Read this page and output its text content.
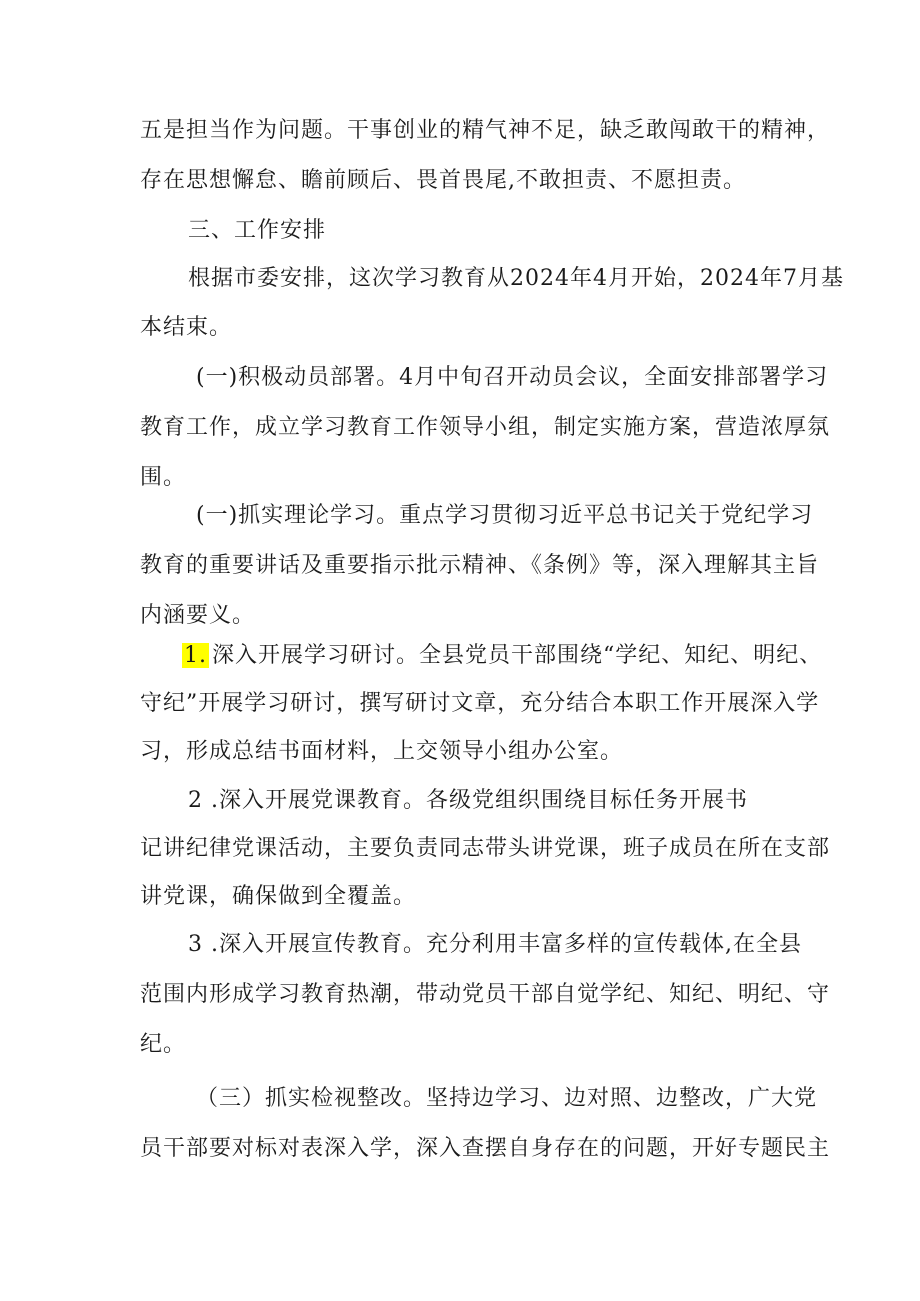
五是担当作为问题。干事创业的精气神不足，缺乏敢闯敢干的精神，
存在思想懈怠、瞻前顾后、畏首畏尾,不敢担责、不愿担责。
三、工作安排
根据市委安排，这次学习教育从2024年4月开始，2024年7月基
本结束。
(一)积极动员部署。4月中旬召开动员会议，全面安排部署学习
教育工作，成立学习教育工作领导小组，制定实施方案，营造浓厚氛
围。
(一)抓实理论学习。重点学习贯彻习近平总书记关于党纪学习
教育的重要讲话及重要指示批示精神、《条例》等，深入理解其主旨
内涵要义。
1. 深入开展学习研讨。全县党员干部围绕“学纪、知纪、明纪、
守纪”开展学习研讨，撰写研讨文章，充分结合本职工作开展深入学
习，形成总结书面材料，上交领导小组办公室。
2 .深入开展党课教育。各级党组织围绕目标任务开展书
记讲纪律党课活动，主要负责同志带头讲党课，班子成员在所在支部
讲党课，确保做到全覆盖。
3 .深入开展宣传教育。充分利用丰富多样的宣传载体,在全县
范围内形成学习教育热潮，带动党员干部自觉学纪、知纪、明纪、守
纪。
（三）抓实检视整改。坚持边学习、边对照、边整改，广大党
员干部要对标对表深入学，深入查摆自身存在的问题，开好专题民主
